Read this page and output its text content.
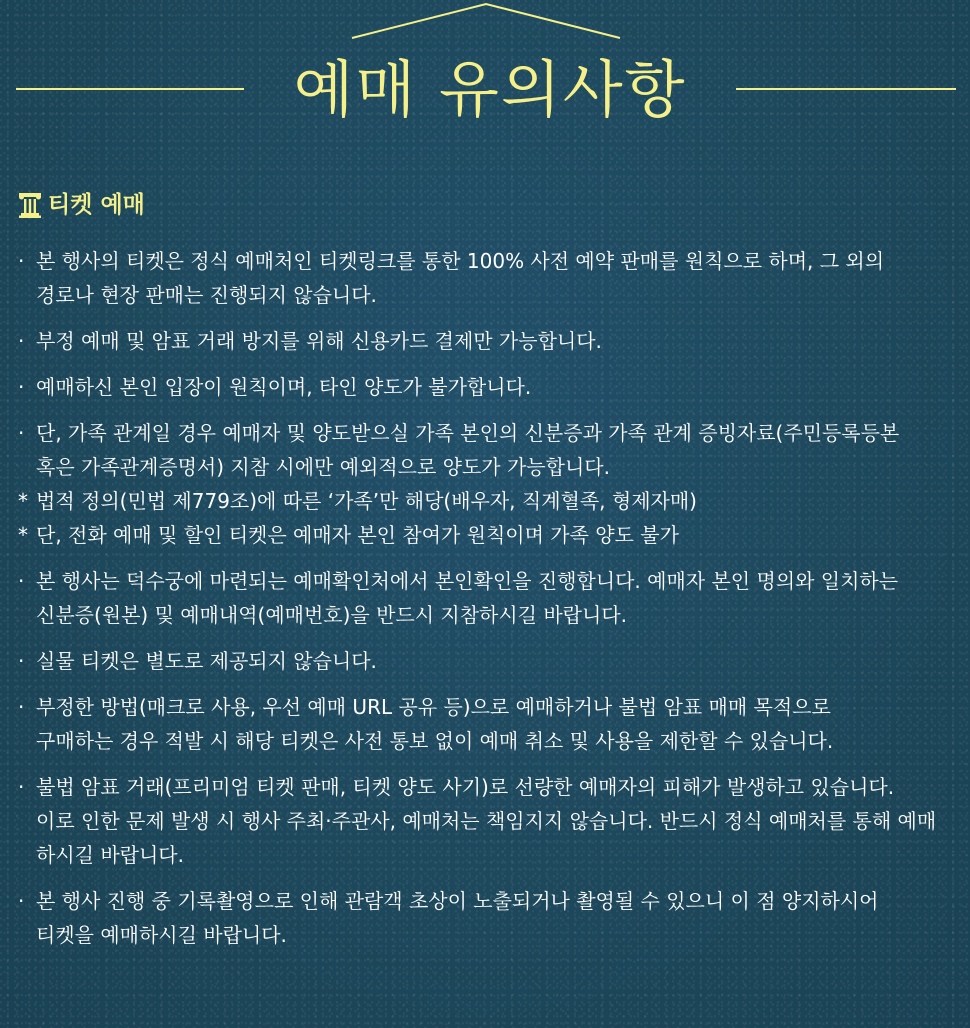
예매 유의사항
티켓 예매
· 본 행사의 티켓은 정식 예매처인 티켓링크를 통한 100% 사전 예약 판매를 원칙으로 하며, 그 외의
경로나 현장 판매는 진행되지 않습니다.
· 부정 예매 및 암표 거래 방지를 위해 신용카드 결제만 가능합니다.
· 예매하신 본인 입장이 원칙이며, 타인 양도가 불가합니다.
· 단, 가족 관계일 경우 예매자 및 양도받으실 가족 본인의 신분증과 가족 관계 증빙자료(주민등록등본
혹은 가족관계증명서) 지참 시에만 예외적으로 양도가 가능합니다.
* 법적 정의(민법 제779조)에 따른 ‘가족’만 해당(배우자, 직계혈족, 형제자매)
* 단, 전화 예매 및 할인 티켓은 예매자 본인 참여가 원칙이며 가족 양도 불가
· 본 행사는 덕수궁에 마련되는 예매확인처에서 본인확인을 진행합니다. 예매자 본인 명의와 일치하는
신분증(원본) 및 예매내역(예매번호)을 반드시 지참하시길 바랍니다.
· 실물 티켓은 별도로 제공되지 않습니다.
· 부정한 방법(매크로 사용, 우선 예매 URL 공유 등)으로 예매하거나 불법 암표 매매 목적으로
구매하는 경우 적발 시 해당 티켓은 사전 통보 없이 예매 취소 및 사용을 제한할 수 있습니다.
· 불법 암표 거래(프리미엄 티켓 판매, 티켓 양도 사기)로 선량한 예매자의 피해가 발생하고 있습니다.
이로 인한 문제 발생 시 행사 주최·주관사, 예매처는 책임지지 않습니다. 반드시 정식 예매처를 통해 예매
하시길 바랍니다.
· 본 행사 진행 중 기록촬영으로 인해 관람객 초상이 노출되거나 촬영될 수 있으니 이 점 양지하시어
티켓을 예매하시길 바랍니다.
